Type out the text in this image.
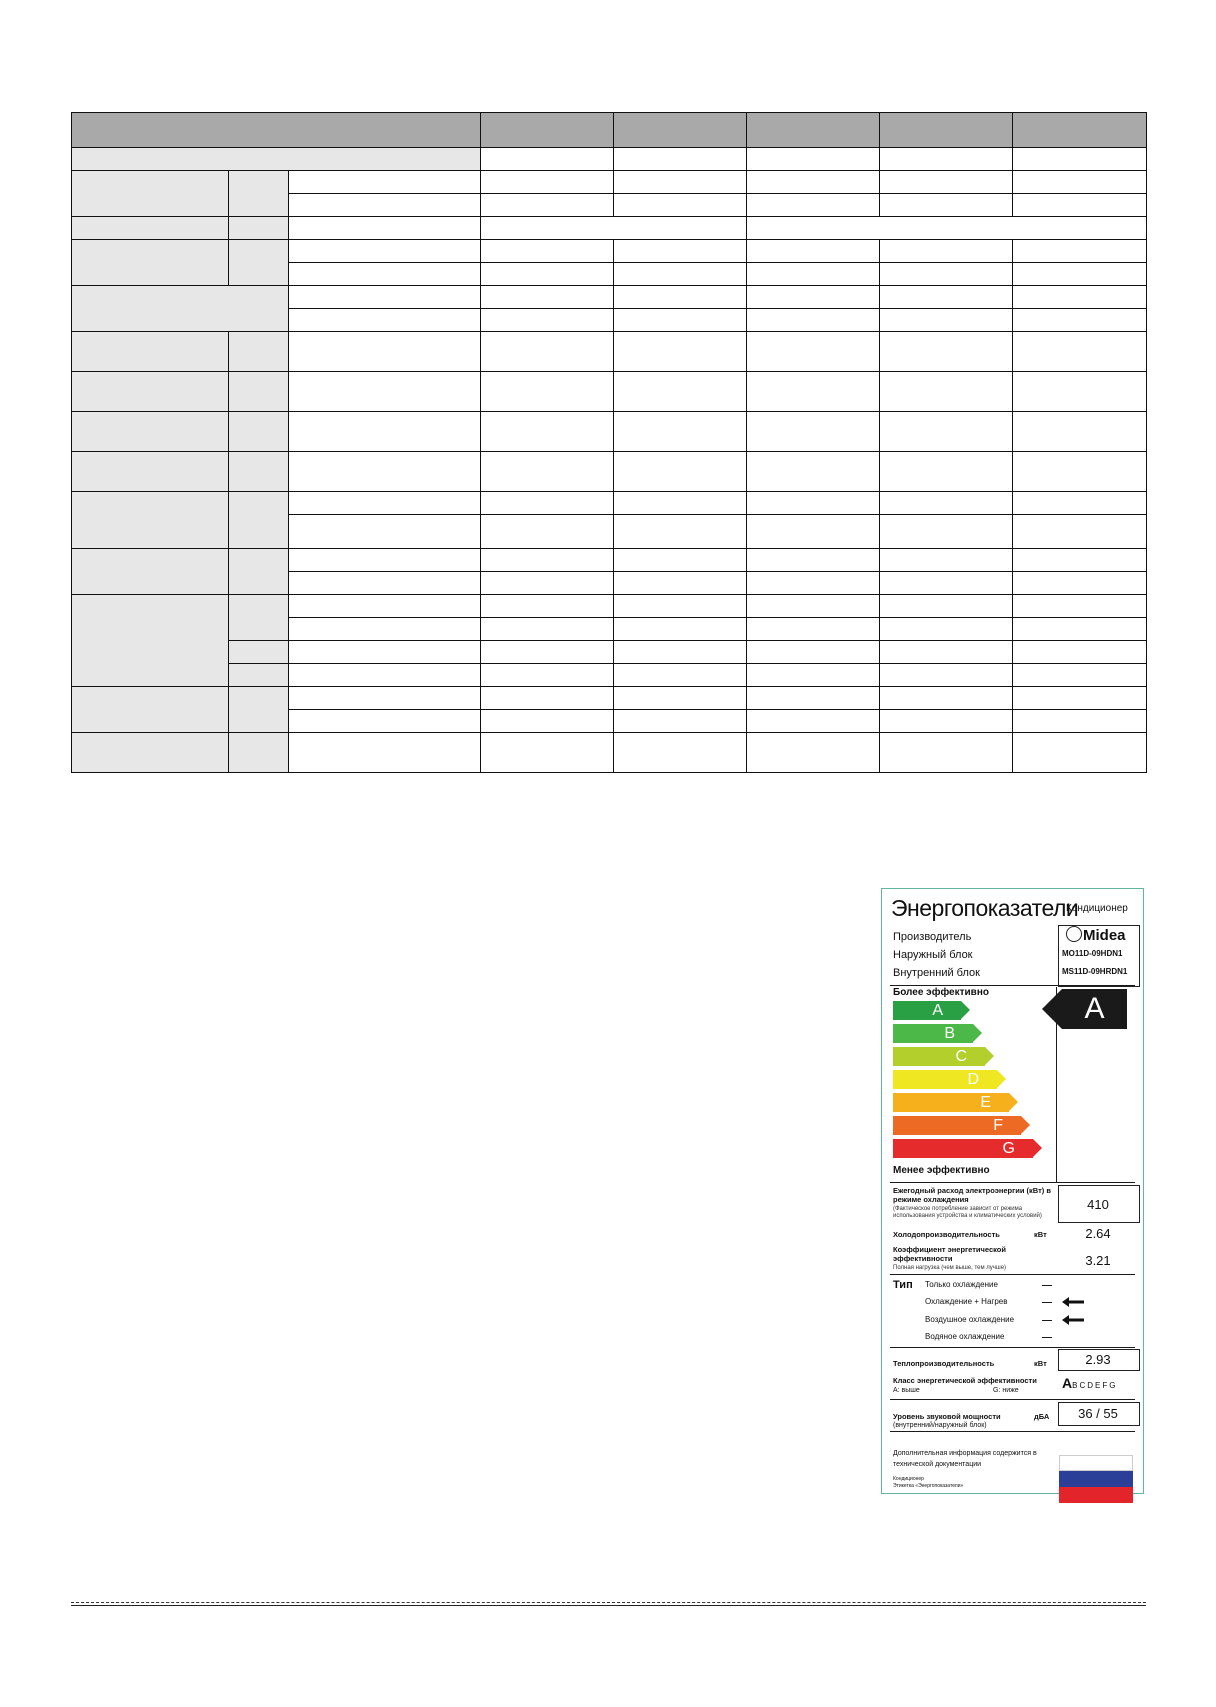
Энергопоказатели
Кондиционер
Производитель
Наружный блок
Внутренний блок
Midea
MO11D-09HDN1
MS11D-09HRDN1
Более эффективно
A
B
C
D
E
F
G
A
Менее эффективно
Ежегодный расход электроэнергии (кВт) в режиме охлаждения
(Фактическое потребление зависит от режима использования устройства и климатических условий)
410
Холодопроизводительность	кВт	2.64
Коэффициент энергетической эффективности
Полная нагрузка (чем выше, тем лучше)	3.21
Тип Только охлаждение
Охлаждение + Нагрев
Воздушное охлаждение
Водяное охлаждение
Теплопроизводительность	кВт	2.93
Класс энергетической эффективности
A: выше	G: ниже	ABCDEFG
Уровень звуковой мощности
(внутренний/наружный блок)
дБА	36 / 55
Дополнительная информация содержится в технической документации
Кондиционер
Этикетка «Энергопоказатели»
